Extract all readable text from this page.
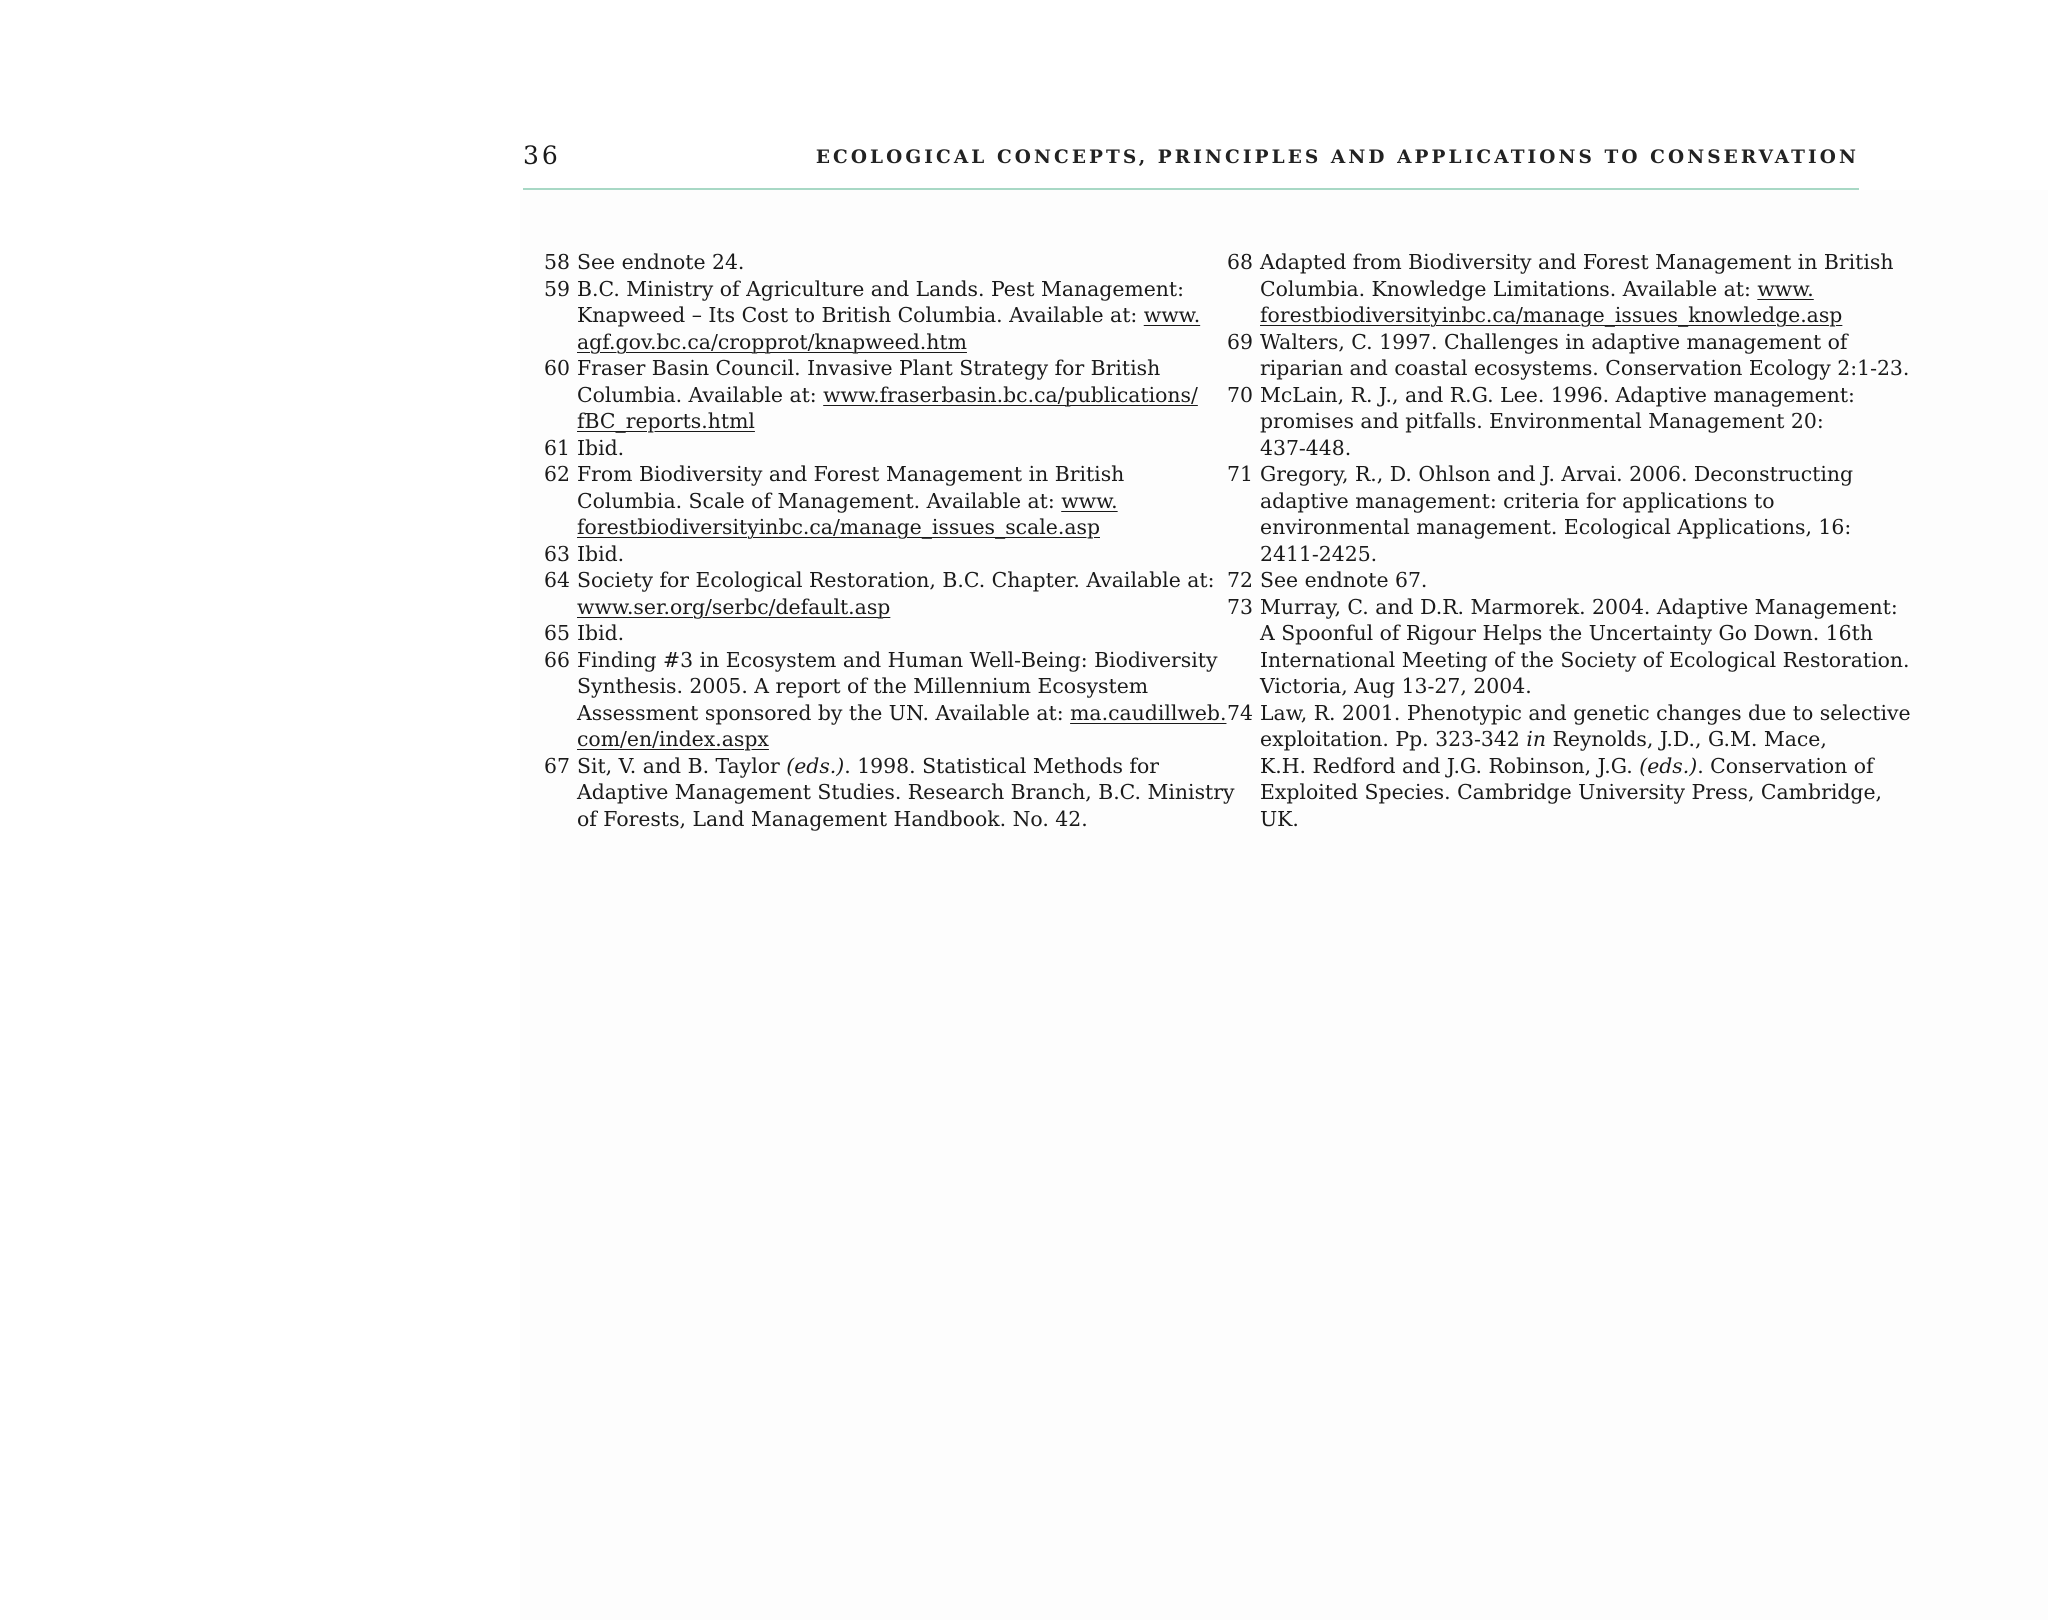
36	ECOLOGICAL CONCEPTS, PRINCIPLES AND APPLICATIONS TO CONSERVATION
58 See endnote 24.
59 B.C. Ministry of Agriculture and Lands. Pest Management:
Knapweed – Its Cost to British Columbia. Available at: www.
agf.gov.bc.ca/cropprot/knapweed.htm
60 Fraser Basin Council. Invasive Plant Strategy for British
Columbia. Available at: www.fraserbasin.bc.ca/publications/
fBC_reports.html
61 Ibid.
62 From Biodiversity and Forest Management in British
Columbia. Scale of Management. Available at: www.
forestbiodiversityinbc.ca/manage_issues_scale.asp
63 Ibid.
64 Society for Ecological Restoration, B.C. Chapter. Available at:
www.ser.org/serbc/default.asp
65 Ibid.
66 Finding #3 in Ecosystem and Human Well-Being: Biodiversity
Synthesis. 2005. A report of the Millennium Ecosystem
Assessment sponsored by the UN. Available at: ma.caudillweb.
com/en/index.aspx
67 Sit, V. and B. Taylor (eds.). 1998. Statistical Methods for
Adaptive Management Studies. Research Branch, B.C. Ministry
of Forests, Land Management Handbook. No. 42.
68 Adapted from Biodiversity and Forest Management in British
Columbia. Knowledge Limitations. Available at: www.
forestbiodiversityinbc.ca/manage_issues_knowledge.asp
69 Walters, C. 1997. Challenges in adaptive management of
riparian and coastal ecosystems. Conservation Ecology 2:1-23.
70 McLain, R. J., and R.G. Lee. 1996. Adaptive management:
promises and pitfalls. Environmental Management 20:
437-448.
71 Gregory, R., D. Ohlson and J. Arvai. 2006. Deconstructing
adaptive management: criteria for applications to
environmental management. Ecological Applications, 16:
2411-2425.
72 See endnote 67.
73 Murray, C. and D.R. Marmorek. 2004. Adaptive Management:
A Spoonful of Rigour Helps the Uncertainty Go Down. 16th
International Meeting of the Society of Ecological Restoration.
Victoria, Aug 13-27, 2004.
74 Law, R. 2001. Phenotypic and genetic changes due to selective
exploitation. Pp. 323-342 in Reynolds, J.D., G.M. Mace,
K.H. Redford and J.G. Robinson, J.G. (eds.). Conservation of
Exploited Species. Cambridge University Press, Cambridge,
UK.
